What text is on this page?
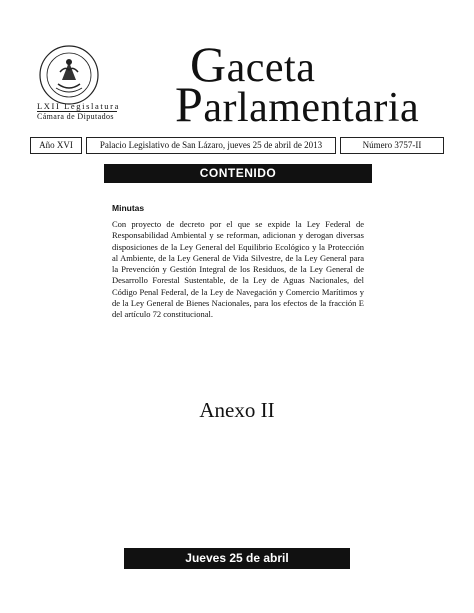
LXII Legislatura
Cámara de Diputados
Gaceta
Parlamentaria
Año XVI	Palacio Legislativo de San Lázaro, jueves 25 de abril de 2013	Número 3757-II
CONTENIDO
Minutas
Con proyecto de decreto por el que se expide la Ley Federal de Responsabilidad Ambiental y se reforman, adicionan y derogan diversas disposiciones de la Ley General del Equilibrio Ecológico y la Protección al Ambiente, de la Ley General de Vida Silvestre, de la Ley General para la Prevención y Gestión Integral de los Residuos, de la Ley General de Desarrollo Forestal Sustentable, de la Ley de Aguas Nacionales, del Código Penal Federal, de la Ley de Navegación y Comercio Marítimos y de la Ley General de Bienes Nacionales, para los efectos de la fracción E del artículo 72 constitucional.
Anexo II
Jueves 25 de abril
